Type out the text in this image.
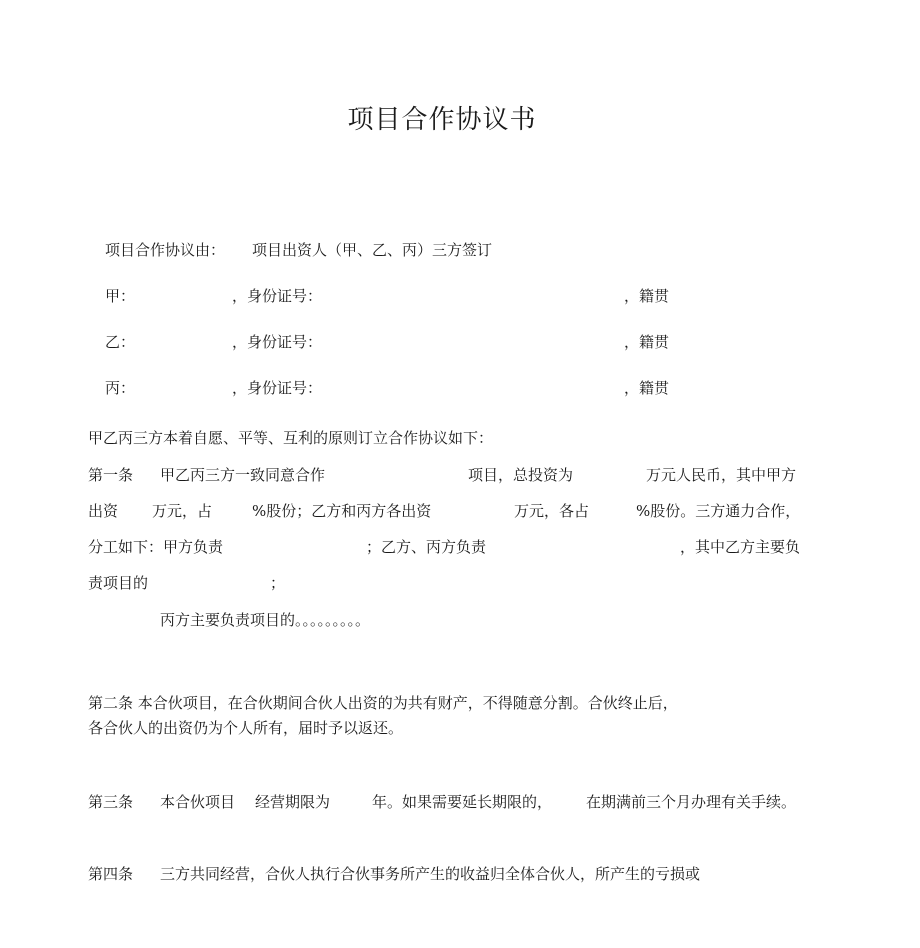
项目合作协议书
项目合作协议由： 项目出资人（甲、乙、丙）三方签订
甲：	，身份证号：	，籍贯
乙：	，身份证号：	，籍贯
丙：	，身份证号：	，籍贯
甲乙丙三方本着自愿、平等、互利的原则订立合作协议如下：
第一条 甲乙丙三方一致同意合作	项目，总投资为	万元人民币，其中甲方
出资 万元，占	%股份；乙方和丙方各出资	万元，各占	%股份。三方通力合作，
分工如下：甲方负责	；乙方、丙方负责	，其中乙方主要负
责项目的	；
丙方主要负责项目的。。。。。。。。。
第二条 本合伙项目，在合伙期间合伙人出资的为共有财产，不得随意分割。合伙终止后，
各合伙人的出资仍为个人所有，届时予以返还。
第三条 本合伙项目 经营期限为	年。如果需要延长期限的， 在期满前三个月办理有关手续。
第四条 三方共同经营，合伙人执行合伙事务所产生的收益归全体合伙人，所产生的亏损或
